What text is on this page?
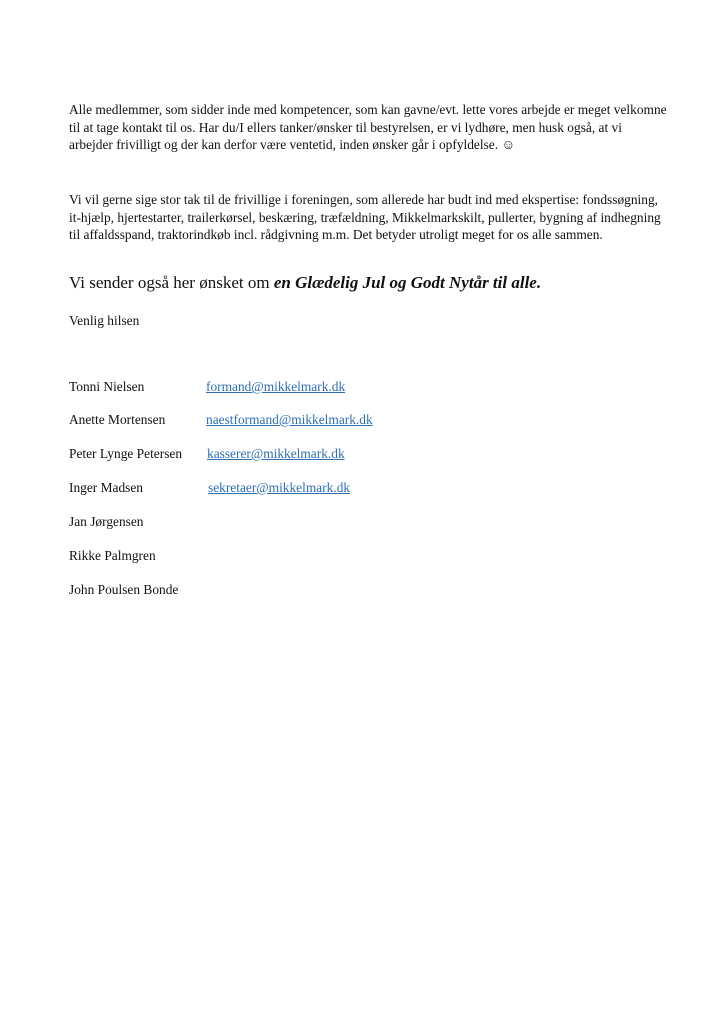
Alle medlemmer, som sidder inde med kompetencer, som kan gavne/evt. lette vores arbejde er meget velkomne til at tage kontakt til os. Har du/I ellers tanker/ønsker til bestyrelsen, er vi lydhøre, men husk også, at vi arbejder frivilligt og der kan derfor være ventetid, inden ønsker går i opfyldelse. ☺

Vi vil gerne sige stor tak til de frivillige i foreningen, som allerede har budt ind med ekspertise: fondssøgning, it-hjælp, hjertestarter, trailerkørsel, beskæring, træfældning, Mikkelmarkskilt, pullerter, bygning af indhegning til affaldsspand, traktorindkøb incl. rådgivning m.m. Det betyder utroligt meget for os alle sammen.

Vi sender også her ønsket om en Glædelig Jul og Godt Nytår til alle.
Venlig hilsen
Tonni Nielsen	formand@mikkelmark.dk
Anette Mortensen	naestformand@mikkelmark.dk
Peter Lynge Petersen kasserer@mikkelmark.dk
Inger Madsen	sekretaer@mikkelmark.dk
Jan Jørgensen
Rikke Palmgren
John Poulsen Bonde
